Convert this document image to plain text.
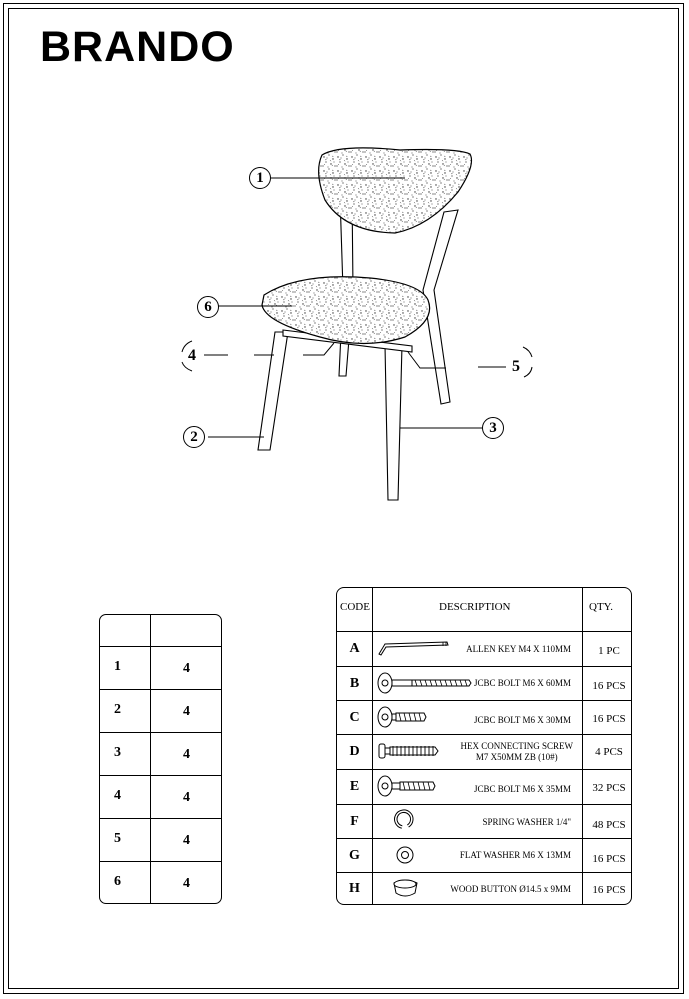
BRANDO
1
6
4
5
2
3
1	4
2	4
3	4
4	4
5	4
6	4
CODE	DESCRIPTION	QTY.
A	ALLEN KEY M4 X 110MM	1 PC
B	JCBC BOLT M6 X 60MM	16 PCS
C	JCBC BOLT M6 X 30MM	16 PCS
D	HEX CONNECTING SCREW
M7 X50MM ZB (10#)	4 PCS
E	JCBC BOLT M6 X 35MM	32 PCS
F	SPRING WASHER 1/4"	48 PCS
G	FLAT WASHER M6 X 13MM	16 PCS
H	WOOD BUTTON Ø14.5 x 9MM	16 PCS
